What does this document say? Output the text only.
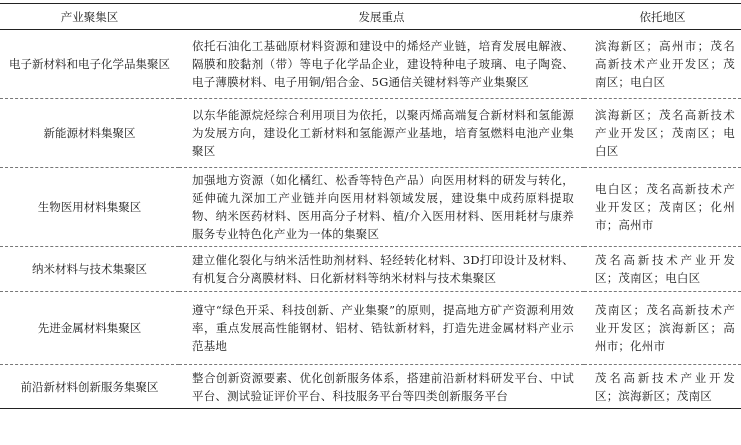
产业聚集区	发展重点	依托地区
电子新材料和电子化学品集聚区	依托石油化工基础原材料资源和建设中的烯烃产业链，培育发展电解液、隔膜和胶黏剂（带）等电子化学品企业，建设特种电子玻璃、电子陶瓷、电子薄膜材料、电子用铜/铝合金、5G通信关键材料等产业集聚区	滨海新区；高州市；茂名高新技术产业开发区；茂南区；电白区
新能源材料集聚区	以东华能源烷烃综合利用项目为依托，以聚丙烯高端复合新材料和氢能源为发展方向，建设化工新材料和氢能源产业基地，培育氢燃料电池产业集聚区	滨海新区；茂名高新技术产业开发区；茂南区；电白区
生物医用材料集聚区	加强地方资源（如化橘红、松香等特色产品）向医用材料的研发与转化，延伸硫九深加工产业链并向医用材料领域发展，建设集中成药原料提取物、纳米医药材料、医用高分子材料、植/介入医用材料、医用耗材与康养服务专业特色化产业为一体的集聚区	电白区；茂名高新技术产业开发区；茂南区；化州市；高州市
纳米材料与技术集聚区	建立催化裂化与纳米活性助剂材料、轻经转化材料、3D打印设计及材料、有机复合分离膜材料、日化新材料等纳米材料与技术集聚区	茂名高新技术产业开发区；茂南区；电白区
先进金属材料集聚区	遵守“绿色开采、科技创新、产业集聚”的原则，提高地方矿产资源利用效率，重点发展高性能钢材、铝材、锆钛新材料，打造先进金属材料产业示范基地	茂南区；茂名高新技术产业开发区；滨海新区；高州市；化州市
前沿新材料创新服务集聚区	整合创新资源要素、优化创新服务体系，搭建前沿新材料研发平台、中试平台、测试验证评价平台、科技服务平台等四类创新服务平台	茂名高新技术产业开发区；滨海新区；茂南区
